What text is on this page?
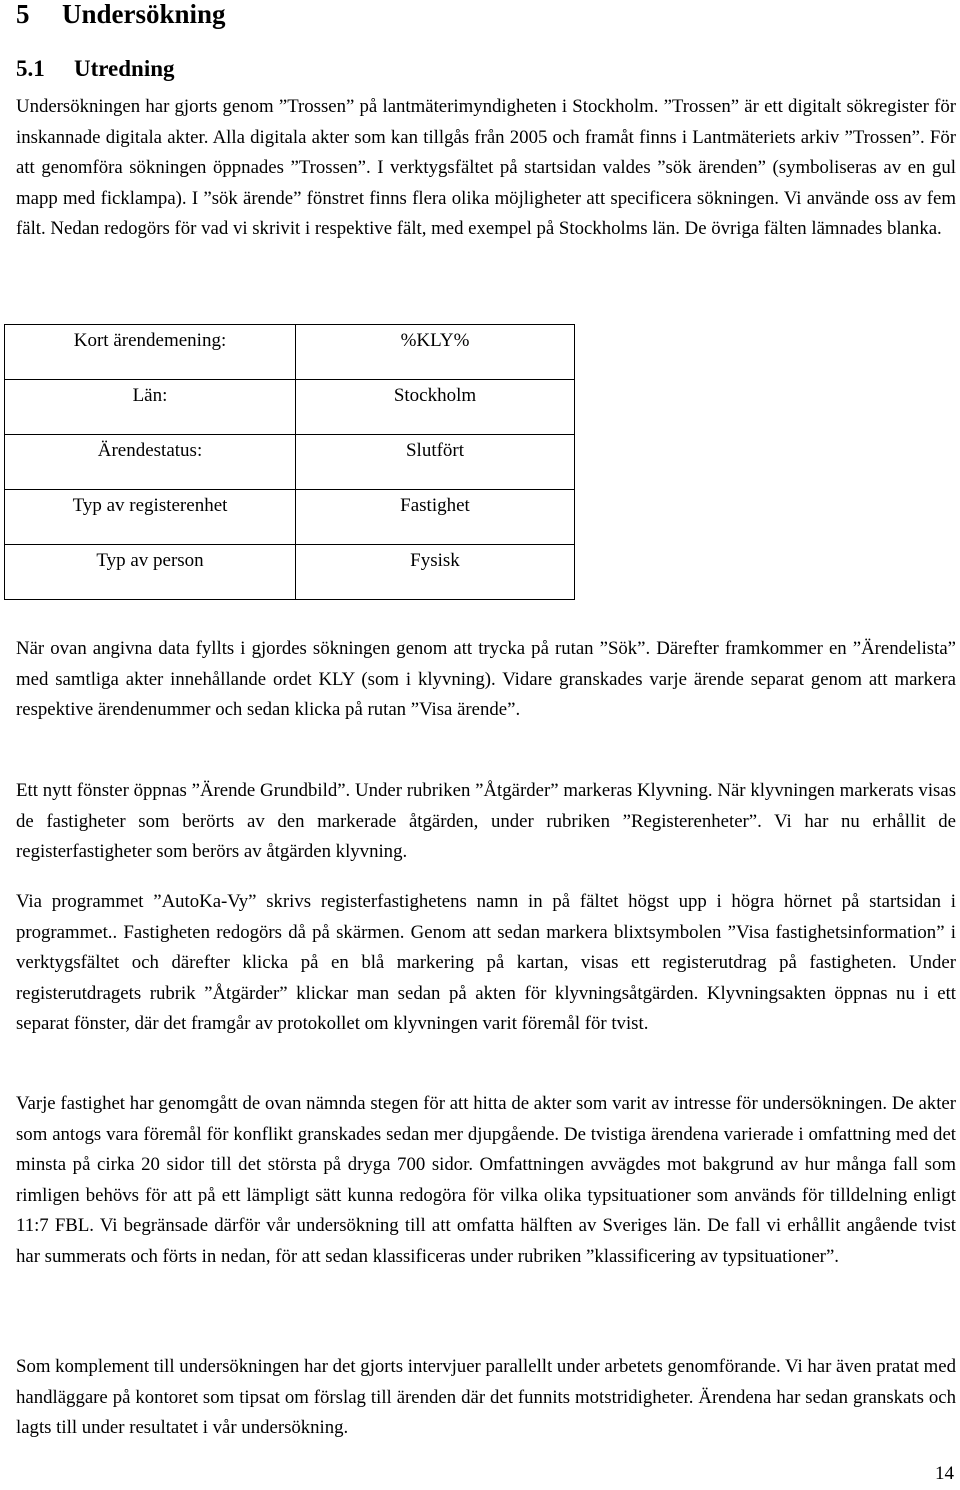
5 Undersökning
5.1 Utredning

Undersökningen har gjorts genom ”Trossen” på lantmäterimyndigheten i Stockholm. ”Trossen” är ett digitalt sökregister för inskannade digitala akter. Alla digitala akter som kan tillgås från 2005 och framåt finns i Lantmäteriets arkiv ”Trossen”. För att genomföra sökningen öppnades ”Trossen”. I verktygsfältet på startsidan valdes ”sök ärenden” (symboliseras av en gul mapp med ficklampa). I ”sök ärende” fönstret finns flera olika möjligheter att specificera sökningen. Vi använde oss av fem fält. Nedan redogörs för vad vi skrivit i respektive fält, med exempel på Stockholms län. De övriga fälten lämnades blanka.

Kort ärendemening:	%KLY%
Län:	Stockholm
Ärendestatus:	Slutfört
Typ av registerenhet	Fastighet
Typ av person	Fysisk

När ovan angivna data fyllts i gjordes sökningen genom att trycka på rutan ”Sök”. Därefter framkommer en ”Ärendelista” med samtliga akter innehållande ordet KLY (som i klyvning). Vidare granskades varje ärende separat genom att markera respektive ärendenummer och sedan klicka på rutan ”Visa ärende”.

Ett nytt fönster öppnas ”Ärende Grundbild”. Under rubriken ”Åtgärder” markeras Klyvning. När klyvningen markerats visas de fastigheter som berörts av den markerade åtgärden, under rubriken ”Registerenheter”. Vi har nu erhållit de registerfastigheter som berörs av åtgärden klyvning.

Via programmet ”AutoKa-Vy” skrivs registerfastighetens namn in på fältet högst upp i högra hörnet på startsidan i programmet.. Fastigheten redogörs då på skärmen. Genom att sedan markera blixtsymbolen ”Visa fastighetsinformation” i verktygsfältet och därefter klicka på en blå markering på kartan, visas ett registerutdrag på fastigheten. Under registerutdragets rubrik ”Åtgärder” klickar man sedan på akten för klyvningsåtgärden. Klyvningsakten öppnas nu i ett separat fönster, där det framgår av protokollet om klyvningen varit föremål för tvist.

Varje fastighet har genomgått de ovan nämnda stegen för att hitta de akter som varit av intresse för undersökningen. De akter som antogs vara föremål för konflikt granskades sedan mer djupgående. De tvistiga ärendena varierade i omfattning med det minsta på cirka 20 sidor till det största på dryga 700 sidor. Omfattningen avvägdes mot bakgrund av hur många fall som rimligen behövs för att på ett lämpligt sätt kunna redogöra för vilka olika typsituationer som används för tilldelning enligt 11:7 FBL. Vi begränsade därför vår undersökning till att omfatta hälften av Sveriges län. De fall vi erhållit angående tvist har summerats och förts in nedan, för att sedan klassificeras under rubriken ”klassificering av typsituationer”.

Som komplement till undersökningen har det gjorts intervjuer parallellt under arbetets genomförande. Vi har även pratat med handläggare på kontoret som tipsat om förslag till ärenden där det funnits motstridigheter. Ärendena har sedan granskats och lagts till under resultatet i vår undersökning.

14
